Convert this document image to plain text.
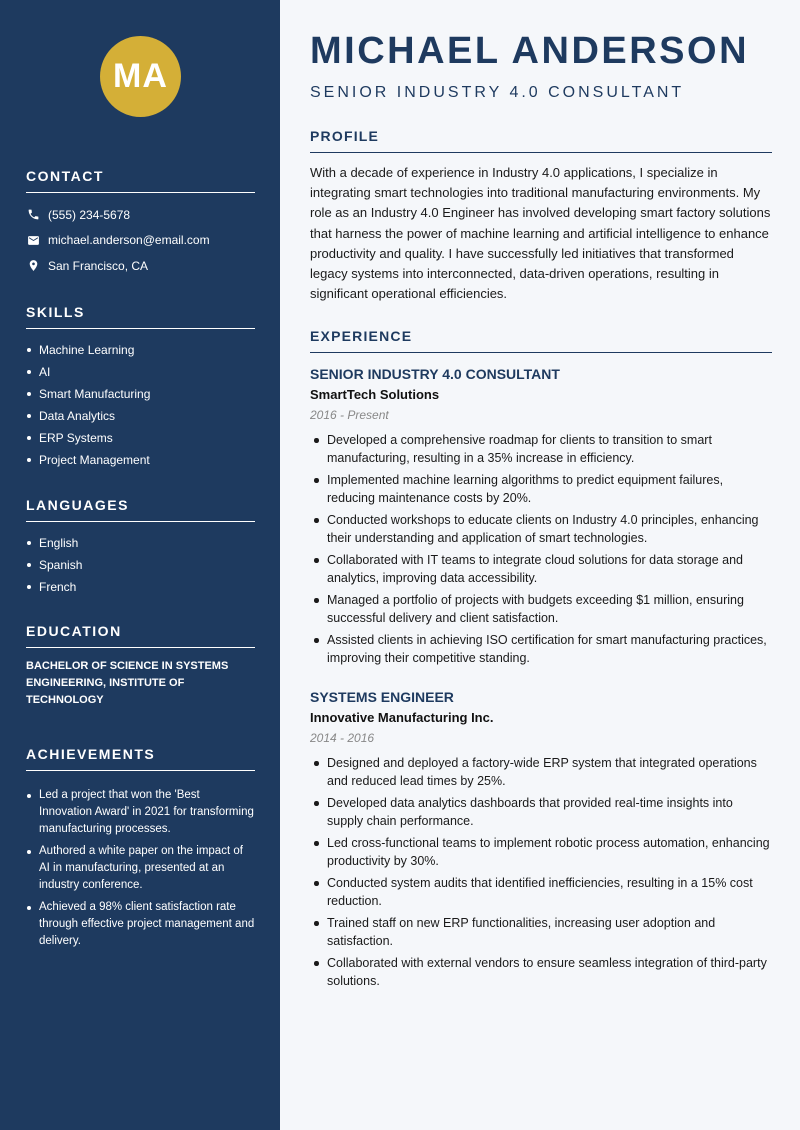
MA
CONTACT
(555) 234-5678
michael.anderson@email.com
San Francisco, CA
SKILLS
Machine Learning
AI
Smart Manufacturing
Data Analytics
ERP Systems
Project Management
LANGUAGES
English
Spanish
French
EDUCATION

BACHELOR OF SCIENCE IN SYSTEMS ENGINEERING, INSTITUTE OF TECHNOLOGY

ACHIEVEMENTS
Led a project that won the 'Best Innovation Award' in 2021 for transforming manufacturing processes.
Authored a white paper on the impact of AI in manufacturing, presented at an industry conference.
Achieved a 98% client satisfaction rate through effective project management and delivery.
MICHAEL ANDERSON
SENIOR INDUSTRY 4.0 CONSULTANT
PROFILE

With a decade of experience in Industry 4.0 applications, I specialize in integrating smart technologies into traditional manufacturing environments. My role as an Industry 4.0 Engineer has involved developing smart factory solutions that harness the power of machine learning and artificial intelligence to enhance productivity and quality. I have successfully led initiatives that transformed legacy systems into interconnected, data-driven operations, resulting in significant operational efficiencies.

EXPERIENCE
SENIOR INDUSTRY 4.0 CONSULTANT
SmartTech Solutions
2016 - Present
Developed a comprehensive roadmap for clients to transition to smart manufacturing, resulting in a 35% increase in efficiency.
Implemented machine learning algorithms to predict equipment failures, reducing maintenance costs by 20%.
Conducted workshops to educate clients on Industry 4.0 principles, enhancing their understanding and application of smart technologies.
Collaborated with IT teams to integrate cloud solutions for data storage and analytics, improving data accessibility.
Managed a portfolio of projects with budgets exceeding $1 million, ensuring successful delivery and client satisfaction.
Assisted clients in achieving ISO certification for smart manufacturing practices, improving their competitive standing.
SYSTEMS ENGINEER
Innovative Manufacturing Inc.
2014 - 2016
Designed and deployed a factory-wide ERP system that integrated operations and reduced lead times by 25%.
Developed data analytics dashboards that provided real-time insights into supply chain performance.
Led cross-functional teams to implement robotic process automation, enhancing productivity by 30%.
Conducted system audits that identified inefficiencies, resulting in a 15% cost reduction.
Trained staff on new ERP functionalities, increasing user adoption and satisfaction.
Collaborated with external vendors to ensure seamless integration of third-party solutions.
